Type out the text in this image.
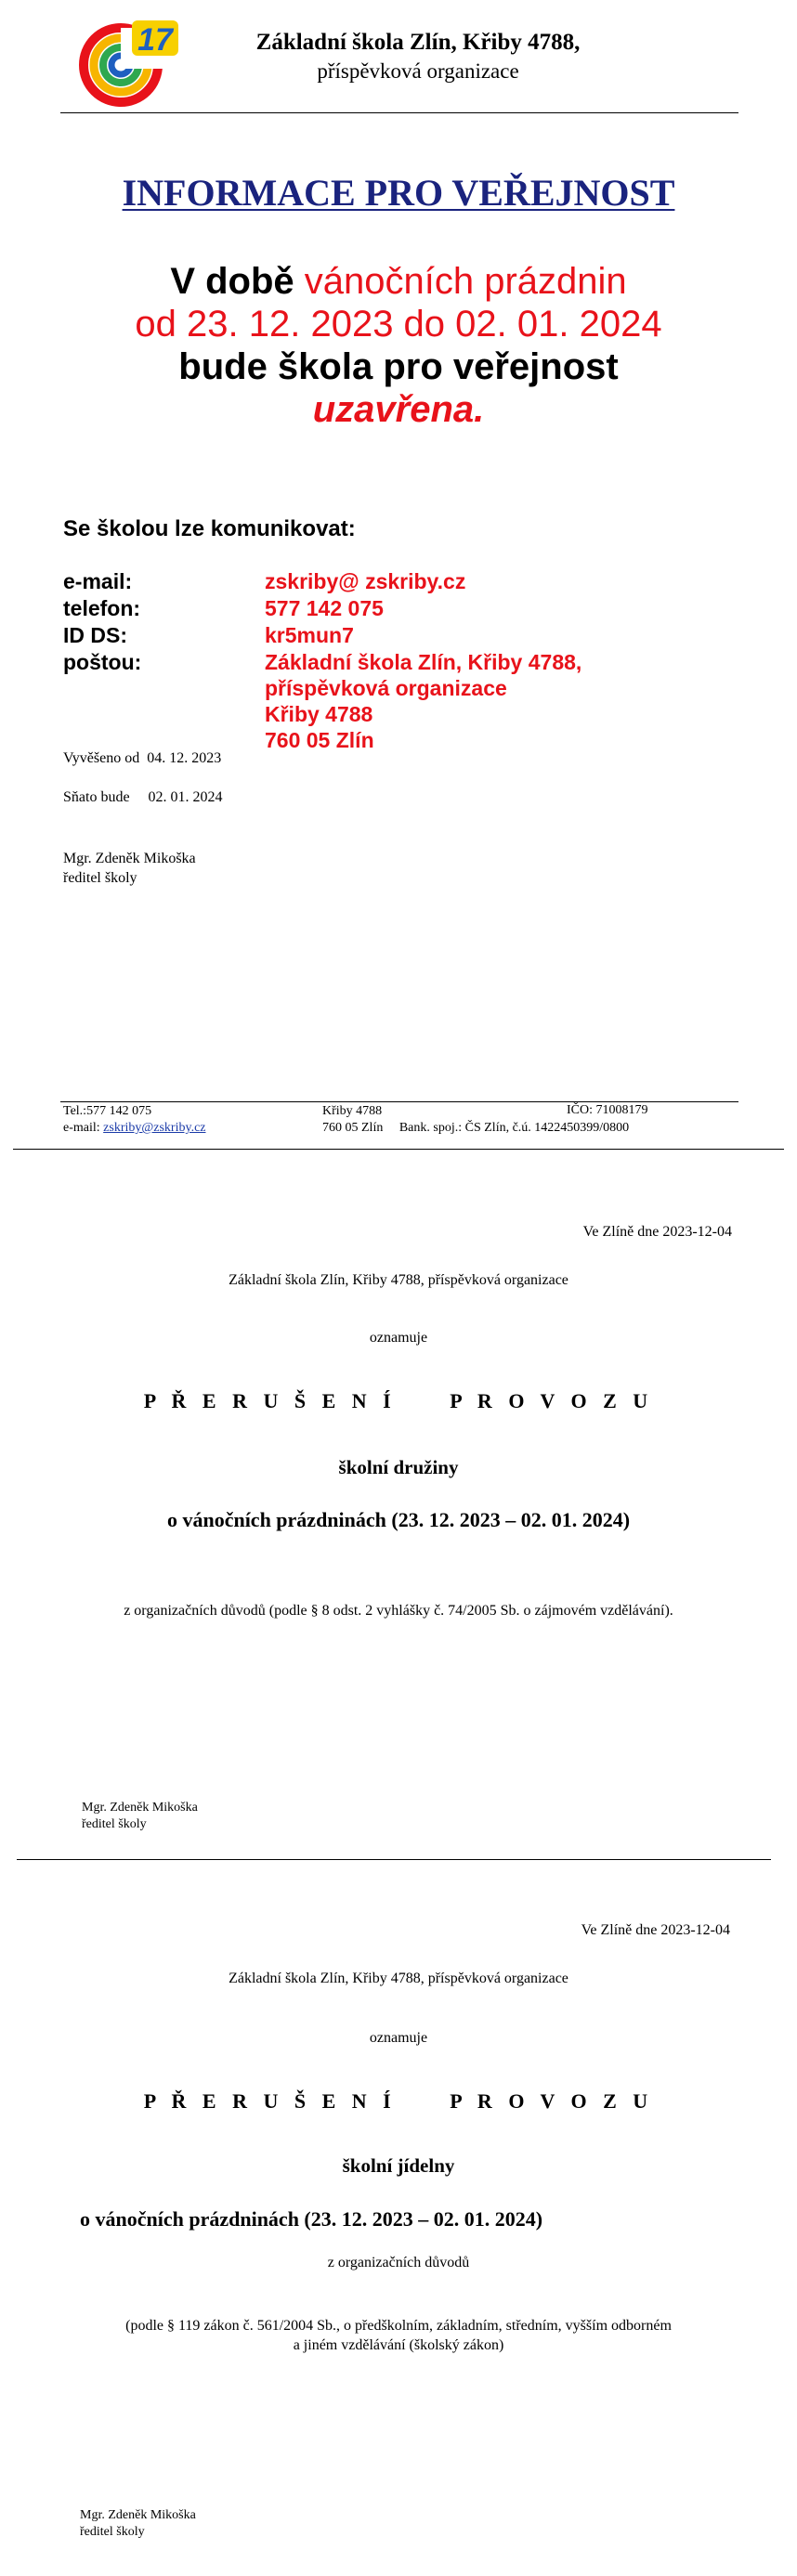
17	Základní škola Zlín, Křiby 4788,
příspěvková organizace
INFORMACE PRO VEŘEJNOST
V době vánočních prázdnin
od 23. 12. 2023 do 02. 01. 2024
bude škola pro veřejnost
uzavřena.
Se školou lze komunikovat:
e-mail:	zskriby@ zskriby.cz
telefon:	577 142 075
ID DS:	kr5mun7
poštou:	Základní škola Zlín, Křiby 4788,
příspěvková organizace
Křiby 4788
760 05 Zlín
Vyvěšeno od 04. 12. 2023
Sňato bude 02. 01. 2024
Mgr. Zdeněk Mikoška
ředitel školy
Tel.:577 142 075
e-mail: zskriby@zskriby.cz
Křiby 4788
760 05 Zlín Bank. spoj.: ČS Zlín, č.ú. 1422450399/0800
IČO: 71008179
Ve Zlíně dne 2023-12-04
Základní škola Zlín, Křiby 4788, příspěvková organizace
oznamuje
P Ř E R U Š E N Í     P R O V O Z U
školní družiny
o vánočních prázdninách (23. 12. 2023 – 02. 01. 2024)
z organizačních důvodů (podle § 8 odst. 2 vyhlášky č. 74/2005 Sb. o zájmovém vzdělávání).
Mgr. Zdeněk Mikoška
ředitel školy
Ve Zlíně dne 2023-12-04
Základní škola Zlín, Křiby 4788, příspěvková organizace
oznamuje
P Ř E R U Š E N Í     P R O V O Z U
školní jídelny
o vánočních prázdninách (23. 12. 2023 – 02. 01. 2024)
z organizačních důvodů
(podle § 119 zákon č. 561/2004 Sb., o předškolním, základním, středním, vyšším odborném
a jiném vzdělávání (školský zákon)
Mgr. Zdeněk Mikoška
ředitel školy
